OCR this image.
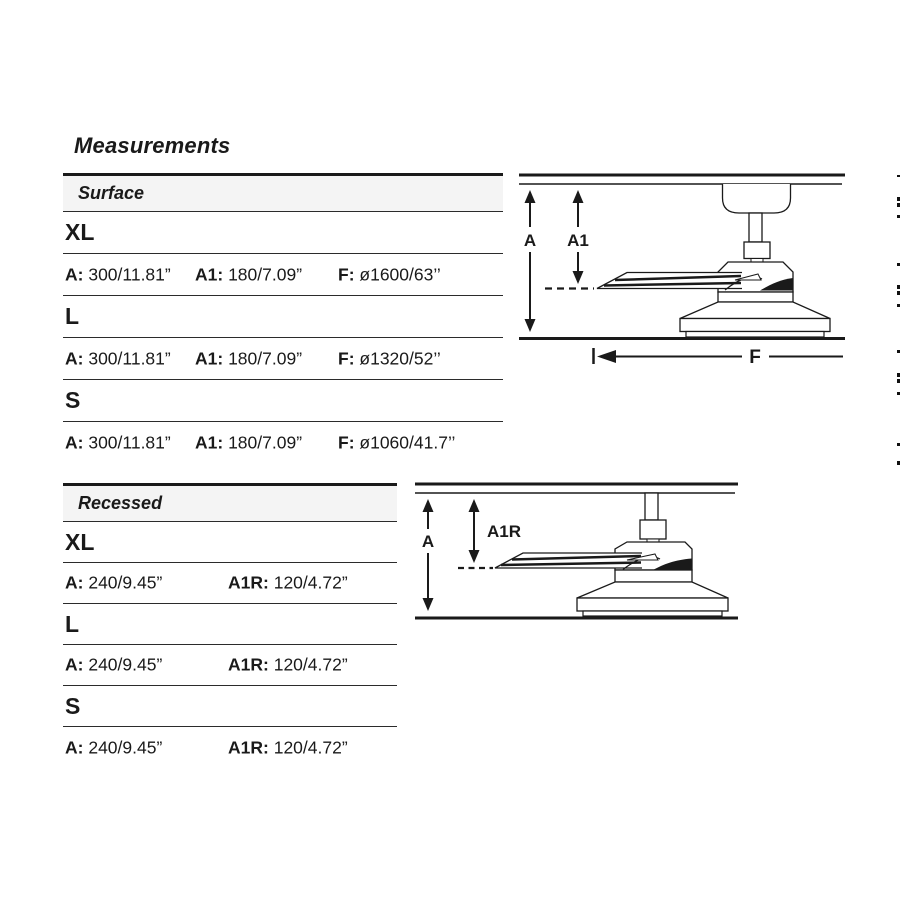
Measurements
Surface
XL
A: 300/11.81” A1: 180/7.09” F: ø1600/63’’
L
A: 300/11.81” A1: 180/7.09” F: ø1320/52’’
S
A: 300/11.81” A1: 180/7.09” F: ø1060/41.7’’
Recessed
XL
A: 240/9.45”	A1R: 120/4.72”
L
A: 240/9.45”	A1R: 120/4.72”
S
A: 240/9.45”	A1R: 120/4.72”
A A1
F
A
A1R
